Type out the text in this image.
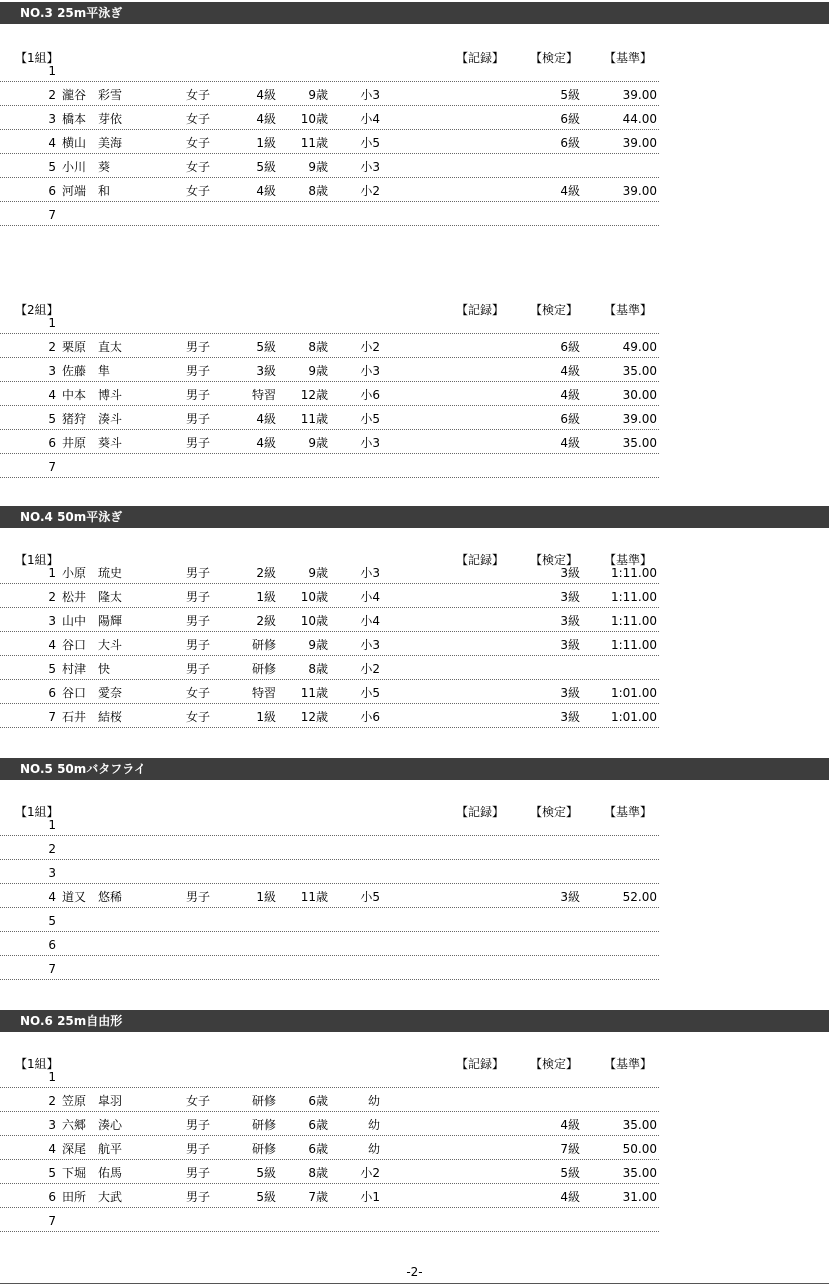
NO.3 25m平泳ぎ
【1組】	【記録】 【検定】 【基準】
1
2 瀧谷　彩雪	女子	4級	9歳	小3	5級	39.00
3 橋本　芽依	女子	4級	10歳	小4	6級	44.00
4 横山　美海	女子	1級	11歳	小5	6級	39.00
5 小川　葵	女子	5級	9歳	小3
6 河端　和	女子	4級	8歳	小2	4級	39.00
7
【2組】	【記録】 【検定】 【基準】
1
2 栗原　直太	男子	5級	8歳	小2	6級	49.00
3 佐藤　隼	男子	3級	9歳	小3	4級	35.00
4 中本　博斗	男子	特習	12歳	小6	4級	30.00
5 猪狩　湊斗	男子	4級	11歳	小5	6級	39.00
6 井原　葵斗	男子	4級	9歳	小3	4級	35.00
7
NO.4 50m平泳ぎ
【1組】	【記録】 【検定】 【基準】
1 小原　琉史	男子	2級	9歳	小3	3級	1:11.00
2 松井　隆太	男子	1級	10歳	小4	3級	1:11.00
3 山中　陽輝	男子	2級	10歳	小4	3級	1:11.00
4 谷口　大斗	男子	研修	9歳	小3	3級	1:11.00
5 村津　快	男子	研修	8歳	小2
6 谷口　愛奈	女子	特習	11歳	小5	3級	1:01.00
7 石井　結桜	女子	1級	12歳	小6	3級	1:01.00
NO.5 50mバタフライ
【1組】	【記録】 【検定】 【基準】
1
2
3
4 道又　悠稀	男子	1級	11歳	小5	3級	52.00
5
6
7
NO.6 25m自由形
【1組】	【記録】 【検定】 【基準】
1
2 笠原　皐羽	女子	研修	6歳	幼
3 六郷　湊心	男子	研修	6歳	幼	4級	35.00
4 深尾　航平	男子	研修	6歳	幼	7級	50.00
5 下堀　佑馬	男子	5級	8歳	小2	5級	35.00
6 田所　大武	男子	5級	7歳	小1	4級	31.00
7
-2-
